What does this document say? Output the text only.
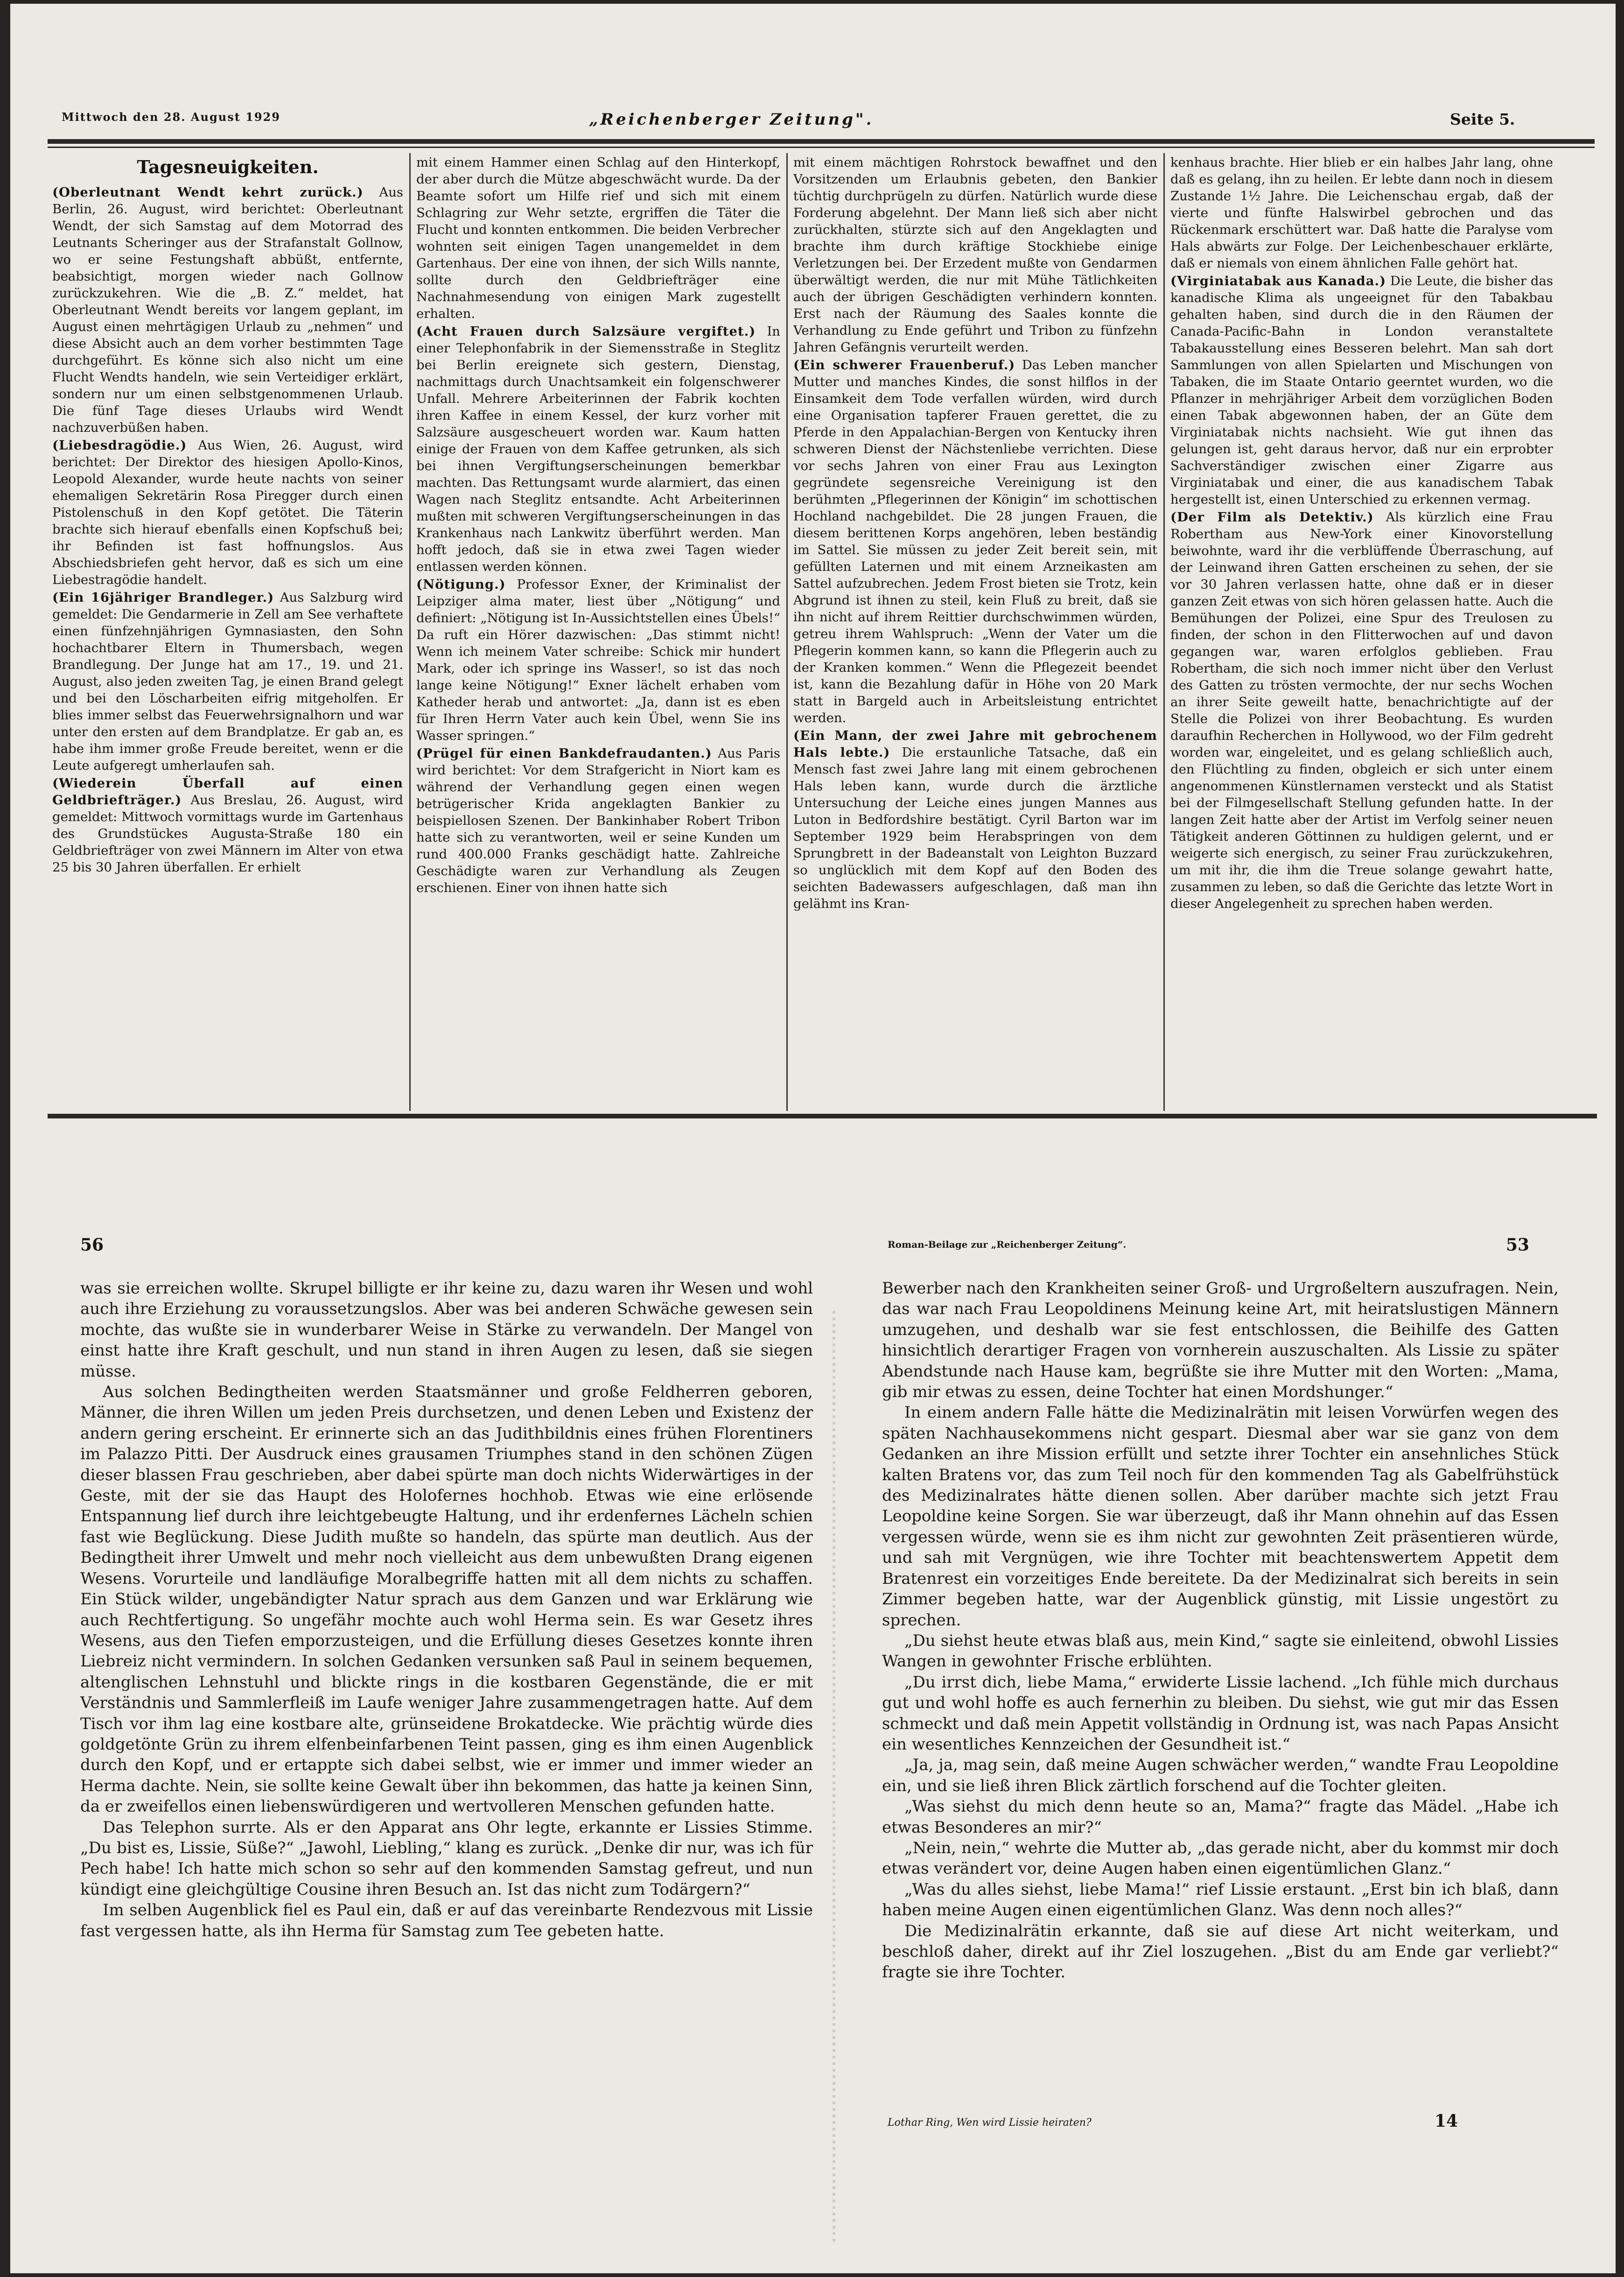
Mittwoch den 28. August 1929	„Reichenberger Zeitung".	Seite 5.
Tagesneuigkeiten.

(Oberleutnant Wendt kehrt zurück.) Aus Berlin, 26. August, wird berichtet: Oberleutnant Wendt, der sich Samstag auf dem Motorrad des Leutnants Scheringer aus der Strafanstalt Gollnow, wo er seine Festungshaft abbüßt, entfernte, beabsichtigt, morgen wieder nach Gollnow zurückzukehren. Wie die „B. Z.“ meldet, hat Oberleutnant Wendt bereits vor langem geplant, im August einen mehrtägigen Urlaub zu „nehmen“ und diese Absicht auch an dem vorher bestimmten Tage durchgeführt. Es könne sich also nicht um eine Flucht Wendts handeln, wie sein Verteidiger erklärt, sondern nur um einen selbstgenommenen Urlaub. Die fünf Tage dieses Urlaubs wird Wendt nachzuverbüßen haben.

(Liebesdragödie.) Aus Wien, 26. August, wird berichtet: Der Direktor des hiesigen Apollo-Kinos, Leopold Alexander, wurde heute nachts von seiner ehemaligen Sekretärin Rosa Piregger durch einen Pistolenschuß in den Kopf getötet. Die Täterin brachte sich hierauf ebenfalls einen Kopfschuß bei; ihr Befinden ist fast hoffnungslos. Aus Abschiedsbriefen geht hervor, daß es sich um eine Liebestragödie handelt.

(Ein 16jähriger Brandleger.) Aus Salzburg wird gemeldet: Die Gendarmerie in Zell am See verhaftete einen fünfzehnjährigen Gymnasiasten, den Sohn hochachtbarer Eltern in Thumersbach, wegen Brandlegung. Der Junge hat am 17., 19. und 21. August, also jeden zweiten Tag, je einen Brand gelegt und bei den Löscharbeiten eifrig mitgeholfen. Er blies immer selbst das Feuerwehrsignalhorn und war unter den ersten auf dem Brandplatze. Er gab an, es habe ihm immer große Freude bereitet, wenn er die Leute aufgeregt umherlaufen sah.

(Wiederein Überfall auf einen Geldbriefträger.) Aus Breslau, 26. August, wird gemeldet: Mittwoch vormittags wurde im Gartenhaus des Grundstückes Augusta-Straße 180 ein Geldbriefträger von zwei Männern im Alter von etwa 25 bis 30 Jahren überfallen. Er erhielt

mit einem Hammer einen Schlag auf den Hinterkopf, der aber durch die Mütze abgeschwächt wurde. Da der Beamte sofort um Hilfe rief und sich mit einem Schlagring zur Wehr setzte, ergriffen die Täter die Flucht und konnten entkommen. Die beiden Verbrecher wohnten seit einigen Tagen unangemeldet in dem Gartenhaus. Der eine von ihnen, der sich Wills nannte, sollte durch den Geldbriefträger eine Nachnahmesendung von einigen Mark zugestellt erhalten.

(Acht Frauen durch Salzsäure vergiftet.) In einer Telephonfabrik in der Siemensstraße in Steglitz bei Berlin ereignete sich gestern, Dienstag, nachmittags durch Unachtsamkeit ein folgenschwerer Unfall. Mehrere Arbeiterinnen der Fabrik kochten ihren Kaffee in einem Kessel, der kurz vorher mit Salzsäure ausgescheuert worden war. Kaum hatten einige der Frauen von dem Kaffee getrunken, als sich bei ihnen Vergiftungserscheinungen bemerkbar machten. Das Rettungsamt wurde alarmiert, das einen Wagen nach Steglitz entsandte. Acht Arbeiterinnen mußten mit schweren Vergiftungserscheinungen in das Krankenhaus nach Lankwitz überführt werden. Man hofft jedoch, daß sie in etwa zwei Tagen wieder entlassen werden können.

(Nötigung.) Professor Exner, der Kriminalist der Leipziger alma mater, liest über „Nötigung“ und definiert: „Nötigung ist In-Aussichtstellen eines Übels!“ Da ruft ein Hörer dazwischen: „Das stimmt nicht! Wenn ich meinem Vater schreibe: Schick mir hundert Mark, oder ich springe ins Wasser!, so ist das noch lange keine Nötigung!“ Exner lächelt erhaben vom Katheder herab und antwortet: „Ja, dann ist es eben für Ihren Herrn Vater auch kein Übel, wenn Sie ins Wasser springen.“

(Prügel für einen Bankdefraudanten.) Aus Paris wird berichtet: Vor dem Strafgericht in Niort kam es während der Verhandlung gegen einen wegen betrügerischer Krida angeklagten Bankier zu beispiellosen Szenen. Der Bankinhaber Robert Tribon hatte sich zu verantworten, weil er seine Kunden um rund 400.000 Franks geschädigt hatte. Zahlreiche Geschädigte waren zur Verhandlung als Zeugen erschienen. Einer von ihnen hatte sich

mit einem mächtigen Rohrstock bewaffnet und den Vorsitzenden um Erlaubnis gebeten, den Bankier tüchtig durchprügeln zu dürfen. Natürlich wurde diese Forderung abgelehnt. Der Mann ließ sich aber nicht zurückhalten, stürzte sich auf den Angeklagten und brachte ihm durch kräftige Stockhiebe einige Verletzungen bei. Der Erzedent mußte von Gendarmen überwältigt werden, die nur mit Mühe Tätlichkeiten auch der übrigen Geschädigten verhindern konnten. Erst nach der Räumung des Saales konnte die Verhandlung zu Ende geführt und Tribon zu fünfzehn Jahren Gefängnis verurteilt werden.

(Ein schwerer Frauenberuf.) Das Leben mancher Mutter und manches Kindes, die sonst hilflos in der Einsamkeit dem Tode verfallen würden, wird durch eine Organisation tapferer Frauen gerettet, die zu Pferde in den Appalachian-Bergen von Kentucky ihren schweren Dienst der Nächstenliebe verrichten. Diese vor sechs Jahren von einer Frau aus Lexington gegründete segensreiche Vereinigung ist den berühmten „Pflegerinnen der Königin“ im schottischen Hochland nachgebildet. Die 28 jungen Frauen, die diesem berittenen Korps angehören, leben beständig im Sattel. Sie müssen zu jeder Zeit bereit sein, mit gefüllten Laternen und mit einem Arzneikasten am Sattel aufzubrechen. Jedem Frost bieten sie Trotz, kein Abgrund ist ihnen zu steil, kein Fluß zu breit, daß sie ihn nicht auf ihrem Reittier durchschwimmen würden, getreu ihrem Wahlspruch: „Wenn der Vater um die Pflegerin kommen kann, so kann die Pflegerin auch zu der Kranken kommen.“ Wenn die Pflegezeit beendet ist, kann die Bezahlung dafür in Höhe von 20 Mark statt in Bargeld auch in Arbeitsleistung entrichtet werden.

(Ein Mann, der zwei Jahre mit gebrochenem Hals lebte.) Die erstaunliche Tatsache, daß ein Mensch fast zwei Jahre lang mit einem gebrochenen Hals leben kann, wurde durch die ärztliche Untersuchung der Leiche eines jungen Mannes aus Luton in Bedfordshire bestätigt. Cyril Barton war im September 1929 beim Herabspringen von dem Sprungbrett in der Badeanstalt von Leighton Buzzard so unglücklich mit dem Kopf auf den Boden des seichten Badewassers aufgeschlagen, daß man ihn gelähmt ins Kran-

kenhaus brachte. Hier blieb er ein halbes Jahr lang, ohne daß es gelang, ihn zu heilen. Er lebte dann noch in diesem Zustande 1½ Jahre. Die Leichenschau ergab, daß der vierte und fünfte Halswirbel gebrochen und das Rückenmark erschüttert war. Daß hatte die Paralyse vom Hals abwärts zur Folge. Der Leichenbeschauer erklärte, daß er niemals von einem ähnlichen Falle gehört hat.

(Virginiatabak aus Kanada.) Die Leute, die bisher das kanadische Klima als ungeeignet für den Tabakbau gehalten haben, sind durch die in den Räumen der Canada-Pacific-Bahn in London veranstaltete Tabakausstellung eines Besseren belehrt. Man sah dort Sammlungen von allen Spielarten und Mischungen von Tabaken, die im Staate Ontario geerntet wurden, wo die Pflanzer in mehrjähriger Arbeit dem vorzüglichen Boden einen Tabak abgewonnen haben, der an Güte dem Virginiatabak nichts nachsieht. Wie gut ihnen das gelungen ist, geht daraus hervor, daß nur ein erprobter Sachverständiger zwischen einer Zigarre aus Virginiatabak und einer, die aus kanadischem Tabak hergestellt ist, einen Unterschied zu erkennen vermag.

(Der Film als Detektiv.) Als kürzlich eine Frau Robertham aus New-York einer Kinovorstellung beiwohnte, ward ihr die verblüffende Überraschung, auf der Leinwand ihren Gatten erscheinen zu sehen, der sie vor 30 Jahren verlassen hatte, ohne daß er in dieser ganzen Zeit etwas von sich hören gelassen hatte. Auch die Bemühungen der Polizei, eine Spur des Treulosen zu finden, der schon in den Flitterwochen auf und davon gegangen war, waren erfolglos geblieben. Frau Robertham, die sich noch immer nicht über den Verlust des Gatten zu trösten vermochte, der nur sechs Wochen an ihrer Seite geweilt hatte, benachrichtigte auf der Stelle die Polizei von ihrer Beobachtung. Es wurden daraufhin Recherchen in Hollywood, wo der Film gedreht worden war, eingeleitet, und es gelang schließlich auch, den Flüchtling zu finden, obgleich er sich unter einem angenommenen Künstlernamen versteckt und als Statist bei der Filmgesellschaft Stellung gefunden hatte. In der langen Zeit hatte aber der Artist im Verfolg seiner neuen Tätigkeit anderen Göttinnen zu huldigen gelernt, und er weigerte sich energisch, zu seiner Frau zurückzukehren, um mit ihr, die ihm die Treue solange gewahrt hatte, zusammen zu leben, so daß die Gerichte das letzte Wort in dieser Angelegenheit zu sprechen haben werden.

56	Roman-Beilage zur „Reichenberger Zeitung“.	53

was sie erreichen wollte. Skrupel billigte er ihr keine zu, dazu waren ihr Wesen und wohl auch ihre Erziehung zu voraussetzungslos. Aber was bei anderen Schwäche gewesen sein mochte, das wußte sie in wunderbarer Weise in Stärke zu verwandeln. Der Mangel von einst hatte ihre Kraft geschult, und nun stand in ihren Augen zu lesen, daß sie siegen müsse.

Aus solchen Bedingtheiten werden Staatsmänner und große Feldherren geboren, Männer, die ihren Willen um jeden Preis durchsetzen, und denen Leben und Existenz der andern gering erscheint. Er erinnerte sich an das Judithbildnis eines frühen Florentiners im Palazzo Pitti. Der Ausdruck eines grausamen Triumphes stand in den schönen Zügen dieser blassen Frau geschrieben, aber dabei spürte man doch nichts Widerwärtiges in der Geste, mit der sie das Haupt des Holofernes hochhob. Etwas wie eine erlösende Entspannung lief durch ihre leichtgebeugte Haltung, und ihr erdenfernes Lächeln schien fast wie Beglückung. Diese Judith mußte so handeln, das spürte man deutlich. Aus der Bedingtheit ihrer Umwelt und mehr noch vielleicht aus dem unbewußten Drang eigenen Wesens. Vorurteile und landläufige Moralbegriffe hatten mit all dem nichts zu schaffen. Ein Stück wilder, ungebändigter Natur sprach aus dem Ganzen und war Erklärung wie auch Rechtfertigung. So ungefähr mochte auch wohl Herma sein. Es war Gesetz ihres Wesens, aus den Tiefen emporzusteigen, und die Erfüllung dieses Gesetzes konnte ihren Liebreiz nicht vermindern. In solchen Gedanken versunken saß Paul in seinem bequemen, altenglischen Lehnstuhl und blickte rings in die kostbaren Gegenstände, die er mit Verständnis und Sammlerfleiß im Laufe weniger Jahre zusammengetragen hatte. Auf dem Tisch vor ihm lag eine kostbare alte, grünseidene Brokatdecke. Wie prächtig würde dies goldgetönte Grün zu ihrem elfenbeinfarbenen Teint passen, ging es ihm einen Augenblick durch den Kopf, und er ertappte sich dabei selbst, wie er immer und immer wieder an Herma dachte. Nein, sie sollte keine Gewalt über ihn bekommen, das hatte ja keinen Sinn, da er zweifellos einen liebenswürdigeren und wertvolleren Menschen gefunden hatte.

Das Telephon surrte. Als er den Apparat ans Ohr legte, erkannte er Lissies Stimme. „Du bist es, Lissie, Süße?“ „Jawohl, Liebling,“ klang es zurück. „Denke dir nur, was ich für Pech habe! Ich hatte mich schon so sehr auf den kommenden Samstag gefreut, und nun kündigt eine gleichgültige Cousine ihren Besuch an. Ist das nicht zum Todärgern?“

Im selben Augenblick fiel es Paul ein, daß er auf das vereinbarte Rendezvous mit Lissie fast vergessen hatte, als ihn Herma für Samstag zum Tee gebeten hatte.

Bewerber nach den Krankheiten seiner Groß- und Urgroßeltern auszufragen. Nein, das war nach Frau Leopoldinens Meinung keine Art, mit heiratslustigen Männern umzugehen, und deshalb war sie fest entschlossen, die Beihilfe des Gatten hinsichtlich derartiger Fragen von vornherein auszuschalten. Als Lissie zu später Abendstunde nach Hause kam, begrüßte sie ihre Mutter mit den Worten: „Mama, gib mir etwas zu essen, deine Tochter hat einen Mordshunger.“

In einem andern Falle hätte die Medizinalrätin mit leisen Vorwürfen wegen des späten Nachhausekommens nicht gespart. Diesmal aber war sie ganz von dem Gedanken an ihre Mission erfüllt und setzte ihrer Tochter ein ansehnliches Stück kalten Bratens vor, das zum Teil noch für den kommenden Tag als Gabelfrühstück des Medizinalrates hätte dienen sollen. Aber darüber machte sich jetzt Frau Leopoldine keine Sorgen. Sie war überzeugt, daß ihr Mann ohnehin auf das Essen vergessen würde, wenn sie es ihm nicht zur gewohnten Zeit präsentieren würde, und sah mit Vergnügen, wie ihre Tochter mit beachtenswertem Appetit dem Bratenrest ein vorzeitiges Ende bereitete. Da der Medizinalrat sich bereits in sein Zimmer begeben hatte, war der Augenblick günstig, mit Lissie ungestört zu sprechen.

„Du siehst heute etwas blaß aus, mein Kind,“ sagte sie einleitend, obwohl Lissies Wangen in gewohnter Frische erblühten.

„Du irrst dich, liebe Mama,“ erwiderte Lissie lachend. „Ich fühle mich durchaus gut und wohl hoffe es auch fernerhin zu bleiben. Du siehst, wie gut mir das Essen schmeckt und daß mein Appetit vollständig in Ordnung ist, was nach Papas Ansicht ein wesentliches Kennzeichen der Gesundheit ist.“

„Ja, ja, mag sein, daß meine Augen schwächer werden,“ wandte Frau Leopoldine ein, und sie ließ ihren Blick zärtlich forschend auf die Tochter gleiten.

„Was siehst du mich denn heute so an, Mama?“ fragte das Mädel. „Habe ich etwas Besonderes an mir?“

„Nein, nein,“ wehrte die Mutter ab, „das gerade nicht, aber du kommst mir doch etwas verändert vor, deine Augen haben einen eigentümlichen Glanz.“

„Was du alles siehst, liebe Mama!“ rief Lissie erstaunt. „Erst bin ich blaß, dann haben meine Augen einen eigentümlichen Glanz. Was denn noch alles?“

Die Medizinalrätin erkannte, daß sie auf diese Art nicht weiterkam, und beschloß daher, direkt auf ihr Ziel loszugehen. „Bist du am Ende gar verliebt?“ fragte sie ihre Tochter.

Lothar Ring, Wen wird Lissie heiraten?	14
